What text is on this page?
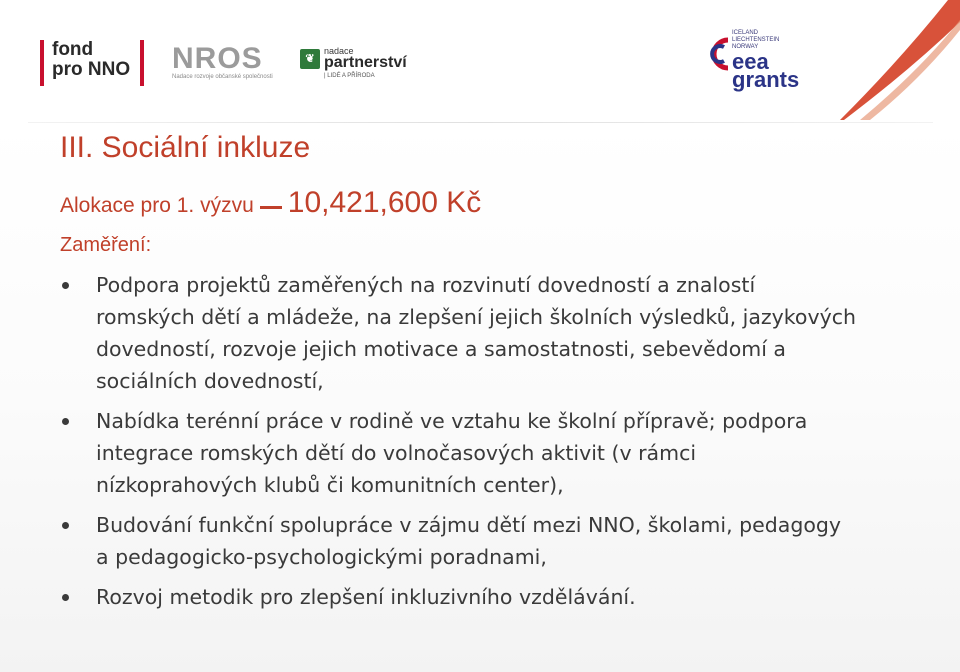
fond
pro NNO NROS
Nadace rozvoje občanské společnosti
❦
nadace
partnerství
| LIDÉ A PŘÍRODA
ICELAND
LIECHTENSTEIN
NORWAY
eea
grants
III. Sociální inkluze
Alokace pro 1. výzvu 10,421,600 Kč
Zaměření:
Podpora projektů zaměřených na rozvinutí dovedností a znalostí romských dětí a mládeže, na zlepšení jejich školních výsledků, jazykových dovedností, rozvoje jejich motivace a samostatnosti, sebevědomí a sociálních dovedností,
Nabídka terénní práce v rodině ve vztahu ke školní přípravě; podpora integrace romských dětí do volnočasových aktivit (v rámci nízkoprahových klubů či komunitních center),
Budování funkční spolupráce v zájmu dětí mezi NNO, školami, pedagogy a pedagogicko-psychologickými poradnami,
Rozvoj metodik pro zlepšení inkluzivního vzdělávání.
